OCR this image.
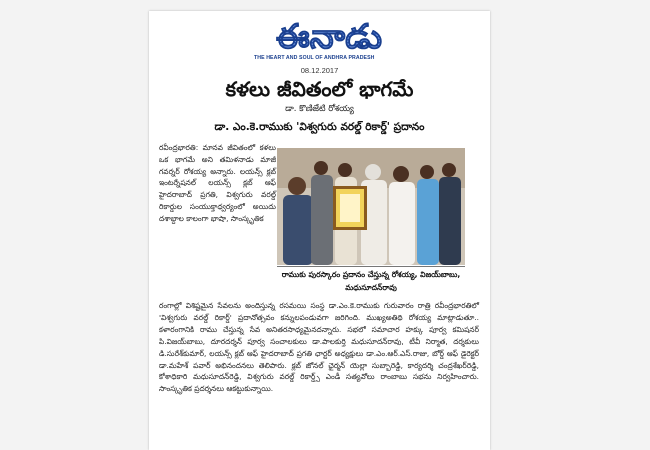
ఈనాడు
THE HEART AND SOUL OF ANDHRA PRADESH
08.12.2017
కళలు జీవితంలో భాగమే
డా. కొణిజేటి రోశయ్య
డా. ఎం.కె.రాముకు 'విశ్వగురు వరల్డ్ రికార్డ్' ప్రదానం

రవీంద్రభారతి: మానవ జీవితంలో కళలు ఒక భాగమే అని తమిళనాడు మాజీ గవర్నర్ రోశయ్య అన్నారు. లయన్స్ క్లబ్ ఇంటర్నేషనల్ లయన్స్ క్లబ్ ఆఫ్ హైదరాబాద్ ప్రగతి, విశ్వగురు వరల్డ్ రికార్డుల సంయుక్తాధ్వర్యంలో అయిదు దశాబ్దాల కాలంగా భాషా, సాంస్కృతిక

రాముకు పురస్కారం ప్రదానం చేస్తున్న రోశయ్య, విజయ్‌బాబు, మధుసూదన్‌రావు

రంగాల్లో విశిష్టమైన సేవలను అందిస్తున్న రసమయి సంస్థ డా.ఎం.కె.రాముకు గురువారం రాత్రి రవీంద్రభారతిలో 'విశ్వగురు వరల్డ్ రికార్డ్' ప్రదానోత్సవం కన్నులపండువగా జరిగింది. ముఖ్యఅతిథి రోశయ్య మాట్లాడుతూ.. కళారంగానికి రాము చేస్తున్న సేవ అనితరసాధ్యమైనదన్నారు. సభలో సమాచార హక్కు పూర్వ కమిషనర్ పి.విజయ్‌బాబు, దూరదర్శన్ పూర్వ సంచాలకులు డా.పాలకుర్తి మధుసూదన్‌రావు, టీవీ నిర్మాత, దర్శకులు డి.సురేశ్‌కుమార్, లయన్స్ క్లబ్ ఆఫ్ హైదరాబాద్ ప్రగతి ఛార్టర్ అధ్యక్షులు డా.ఎం.ఆర్.ఎస్.రాజు, బోర్డ్ ఆఫ్ డైరెక్టర్ డా.మహేశ్ పవార్ అభినందనలు తెలిపారు. క్లబ్ జోనల్ ఛైర్మన్ యెల్లా సుబ్బారెడ్డి, కార్యదర్శి చంద్రశేఖర్‌రెడ్డి, కోశాధికారి మధుసూదన్‌రెడ్డి, విశ్వగురు వరల్డ్ రికార్డ్స్ ఎండీ సత్యవోలు రాంబాబు సభను నిర్వహించారు. సాంస్కృతిక ప్రదర్శనలు ఆకట్టుకున్నాయి.
